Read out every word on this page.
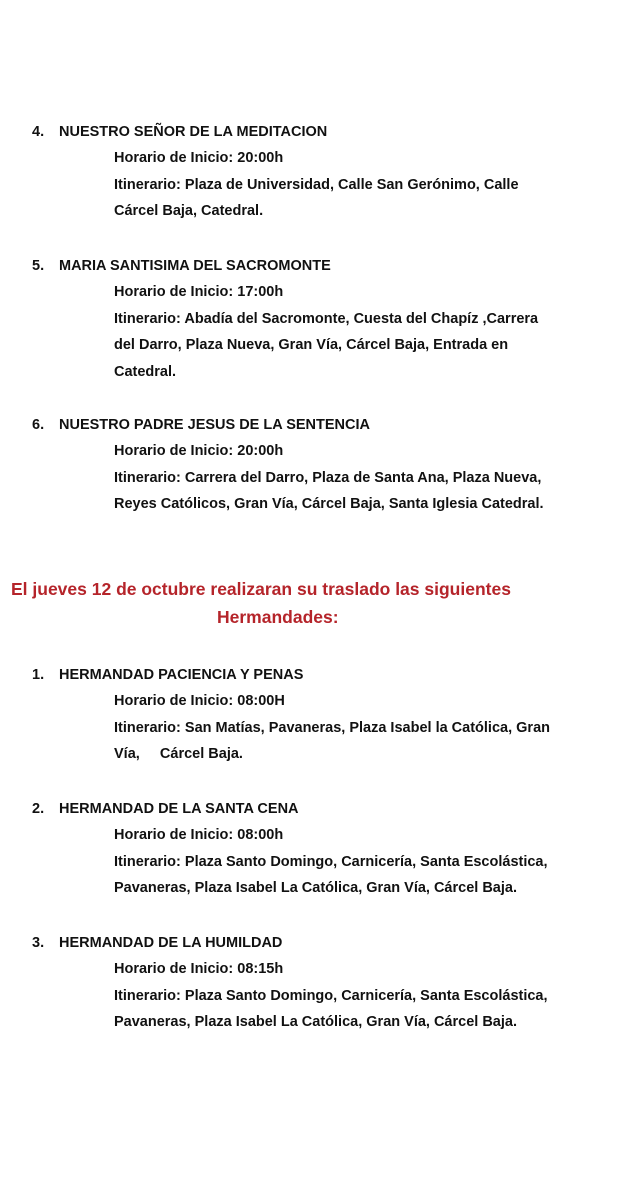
4. NUESTRO SEÑOR DE LA MEDITACION
Horario de Inicio: 20:00h
Itinerario: Plaza de Universidad, Calle San Gerónimo, Calle
Cárcel Baja, Catedral.
5. MARIA SANTISIMA DEL SACROMONTE
Horario de Inicio: 17:00h
Itinerario: Abadía del Sacromonte, Cuesta del Chapíz ,Carrera
del Darro, Plaza Nueva, Gran Vía, Cárcel Baja, Entrada en
Catedral.
6. NUESTRO PADRE JESUS DE LA SENTENCIA
Horario de Inicio: 20:00h
Itinerario: Carrera del Darro, Plaza de Santa Ana, Plaza Nueva,
Reyes Católicos, Gran Vía, Cárcel Baja, Santa Iglesia Catedral.
El jueves 12 de octubre realizaran su traslado las siguientes
Hermandades:
1. HERMANDAD PACIENCIA Y PENAS
Horario de Inicio: 08:00H
Itinerario: San Matías, Pavaneras, Plaza Isabel la Católica, Gran
Vía,     Cárcel Baja.
2. HERMANDAD DE LA SANTA CENA
Horario de Inicio: 08:00h
Itinerario: Plaza Santo Domingo, Carnicería, Santa Escolástica,
Pavaneras, Plaza Isabel La Católica, Gran Vía, Cárcel Baja.
3. HERMANDAD DE LA HUMILDAD
Horario de Inicio: 08:15h
Itinerario: Plaza Santo Domingo, Carnicería, Santa Escolástica,
Pavaneras, Plaza Isabel La Católica, Gran Vía, Cárcel Baja.
